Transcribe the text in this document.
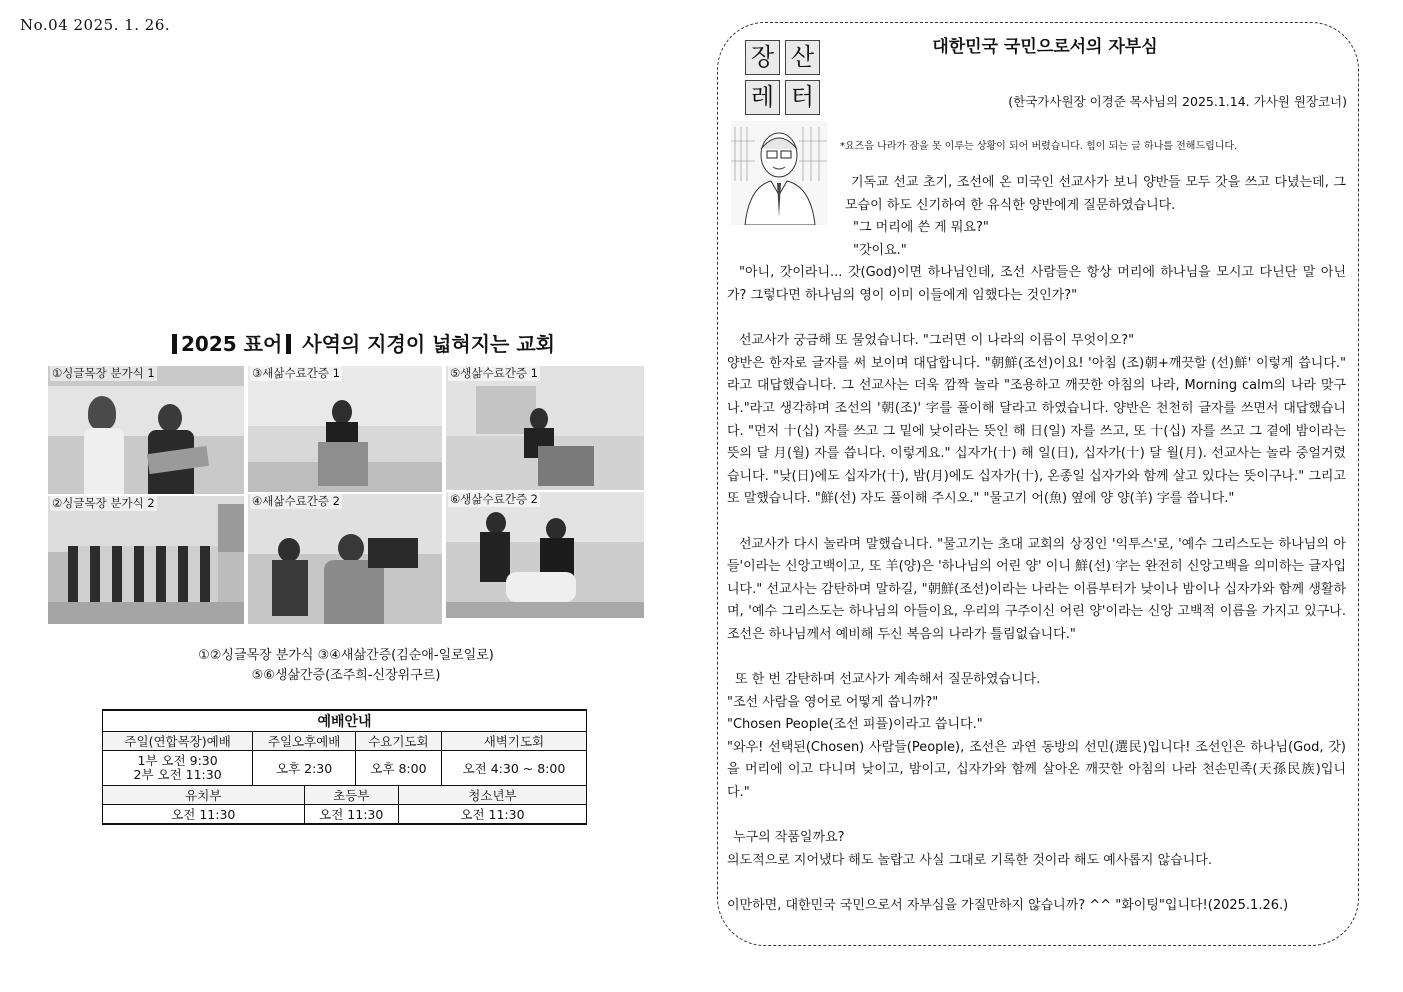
No.04 2025. 1. 26.
2025 표어 사역의 지경이 넓혀지는 교회
①싱글목장 분가식 1	③새삶수료간증 1	⑤생삶수료간증 1
②싱글목장 분가식 2	④새삶수료간증 2	⑥생삶수료간증 2
①②싱글목장 분가식 ③④새삶간증(김순애-일로일로)
⑤⑥생삶간증(조주희-신장위구르)
예배안내					
주일(연합목장)예배	주일오후예배		수요기도회		새벽기도회

1부 오전 9:30
2부 오전 11:30	오후 2:30		오후 8:00		오전 4:30 ~ 8:00
유치부		초등부		청소년부	
오전 11:30		오전 11:30		오전 11:30	
장 산
레 터
대한민국 국민으로서의 자부심
(한국가사원장 이경준 목사님의 2025.1.14. 가사원 원장코너)
*요즈음 나라가 잠을 못 이루는 상황이 되어 버렸습니다. 힘이 되는 글 하나를 전해드립니다.

기독교 선교 초기, 조선에 온 미국인 선교사가 보니 양반들 모두 갓을 쓰고 다녔는데, 그 모습이 하도 신기하여 한 유식한 양반에게 질문하였습니다.

"그 머리에 쓴 게 뭐요?"

"갓이요."

"아니, 갓이라니... 갓(God)이면 하나님인데, 조선 사람들은 항상 머리에 하나님을 모시고 다닌단 말 아닌가? 그렇다면 하나님의 영이 이미 이들에게 임했다는 것인가?"

선교사가 궁금해 또 물었습니다. "그러면 이 나라의 이름이 무엇이오?"

양반은 한자로 글자를 써 보이며 대답합니다. "朝鮮(조선)이요! '아침 (조)朝+깨끗할 (선)鮮' 이렇게 씁니다." 라고 대답했습니다. 그 선교사는 더욱 깜짝 놀라 "조용하고 깨끗한 아침의 나라, Morning calm의 나라 맞구나."라고 생각하며 조선의 '朝(조)' 字를 풀이해 달라고 하였습니다. 양반은 천천히 글자를 쓰면서 대답했습니다. "먼저 十(십) 자를 쓰고 그 밑에 낮이라는 뜻인 해 日(일) 자를 쓰고, 또 十(십) 자를 쓰고 그 곁에 밤이라는 뜻의 달 月(월) 자를 씁니다. 이렇게요." 십자가(十) 해 일(日), 십자가(十) 달 월(月). 선교사는 놀라 중얼거렸습니다. "낮(日)에도 십자가(十), 밤(月)에도 십자가(十), 온종일 십자가와 함께 살고 있다는 뜻이구나." 그리고 또 말했습니다. "鮮(선) 자도 풀이해 주시오." "물고기 어(魚) 옆에 양 양(羊) 字를 씁니다."

선교사가 다시 놀라며 말했습니다. "물고기는 초대 교회의 상징인 '익투스'로, '예수 그리스도는 하나님의 아들'이라는 신앙고백이고, 또 羊(양)은 '하나님의 어린 양' 이니 鮮(선) 字는 완전히 신앙고백을 의미하는 글자입니다." 선교사는 감탄하며 말하길, "朝鮮(조선)이라는 나라는 이름부터가 낮이나 밤이나 십자가와 함께 생활하며, '예수 그리스도는 하나님의 아들이요, 우리의 구주이신 어린 양'이라는 신앙 고백적 이름을 가지고 있구나. 조선은 하나님께서 예비해 두신 복음의 나라가 틀림없습니다."

또 한 번 감탄하며 선교사가 계속해서 질문하였습니다.

"조선 사람을 영어로 어떻게 씁니까?"

"Chosen People(조선 피플)이라고 씁니다."

"와우! 선택된(Chosen) 사람들(People), 조선은 과연 동방의 선민(選民)입니다! 조선인은 하나님(God, 갓)을 머리에 이고 다니며 낮이고, 밤이고, 십자가와 함께 살아온 깨끗한 아침의 나라 천손민족(天孫民族)입니다."

누구의 작품일까요?

의도적으로 지어냈다 해도 놀랍고 사실 그대로 기록한 것이라 해도 예사롭지 않습니다.

이만하면, 대한민국 국민으로서 자부심을 가질만하지 않습니까? ^^ "화이팅"입니다!(2025.1.26.)
